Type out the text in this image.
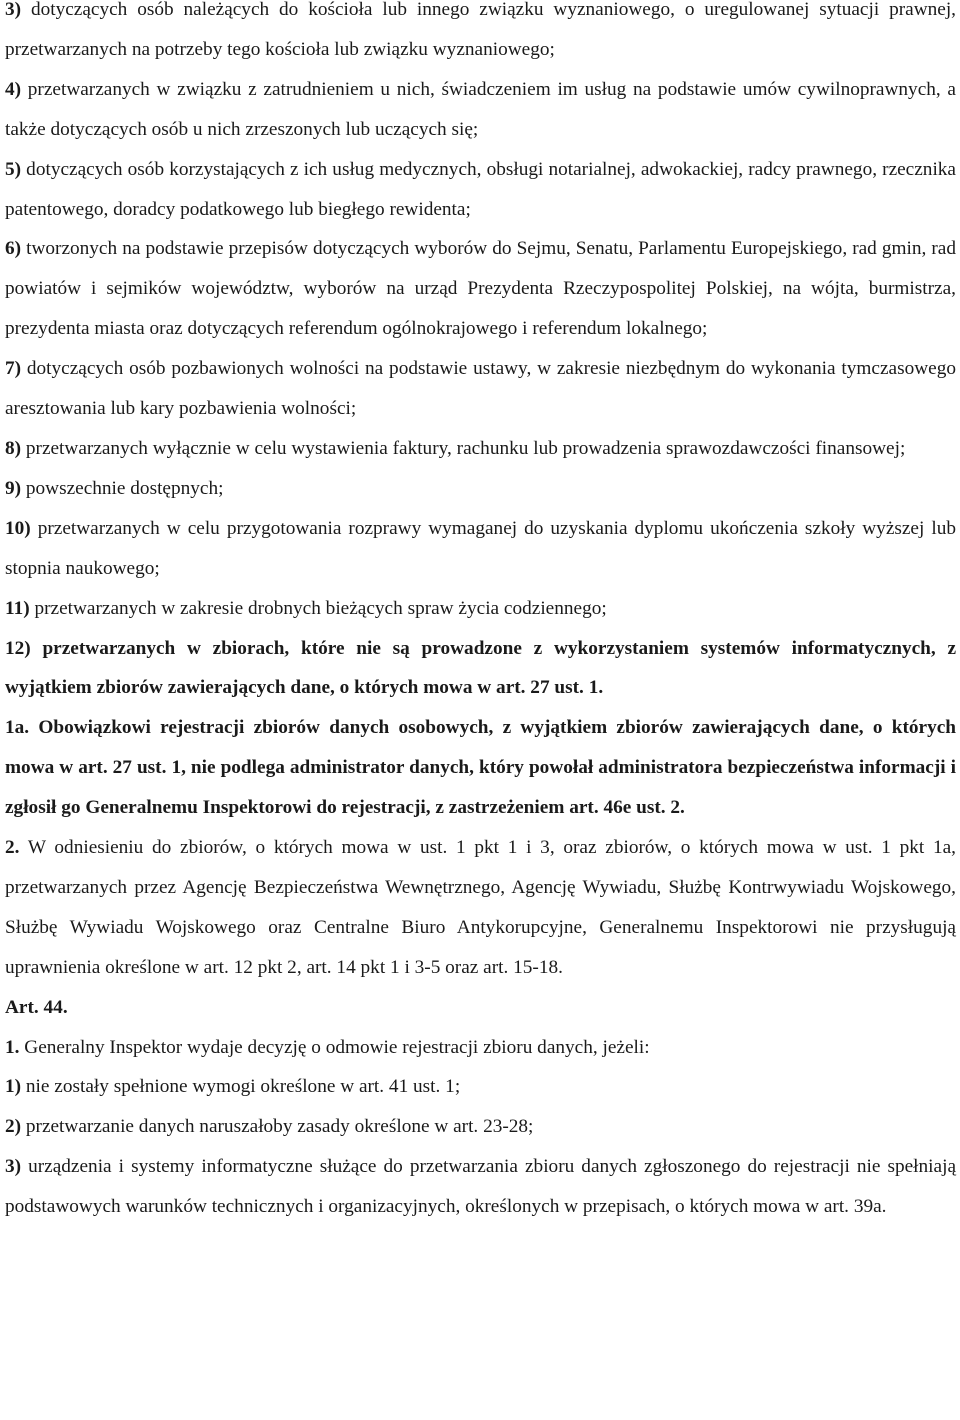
3) dotyczących osób należących do kościoła lub innego związku wyznaniowego, o uregulowanej sytuacji prawnej, przetwarzanych na potrzeby tego kościoła lub związku wyznaniowego;

4) przetwarzanych w związku z zatrudnieniem u nich, świadczeniem im usług na podstawie umów cywilnoprawnych, a także dotyczących osób u nich zrzeszonych lub uczących się;

5) dotyczących osób korzystających z ich usług medycznych, obsługi notarialnej, adwokackiej, radcy prawnego, rzecznika patentowego, doradcy podatkowego lub biegłego rewidenta;

6) tworzonych na podstawie przepisów dotyczących wyborów do Sejmu, Senatu, Parlamentu Europejskiego, rad gmin, rad powiatów i sejmików województw, wyborów na urząd Prezydenta Rzeczypospolitej Polskiej, na wójta, burmistrza, prezydenta miasta oraz dotyczących referendum ogólnokrajowego i referendum lokalnego;

7) dotyczących osób pozbawionych wolności na podstawie ustawy, w zakresie niezbędnym do wykonania tymczasowego aresztowania lub kary pozbawienia wolności;

8) przetwarzanych wyłącznie w celu wystawienia faktury, rachunku lub prowadzenia sprawozdawczości finansowej;

9) powszechnie dostępnych;

10) przetwarzanych w celu przygotowania rozprawy wymaganej do uzyskania dyplomu ukończenia szkoły wyższej lub stopnia naukowego;

11) przetwarzanych w zakresie drobnych bieżących spraw życia codziennego;

12) przetwarzanych w zbiorach, które nie są prowadzone z wykorzystaniem systemów informatycznych, z wyjątkiem zbiorów zawierających dane, o których mowa w art. 27 ust. 1.

1a. Obowiązkowi rejestracji zbiorów danych osobowych, z wyjątkiem zbiorów zawierających dane, o których mowa w art. 27 ust. 1, nie podlega administrator danych, który powołał administratora bezpieczeństwa informacji i zgłosił go Generalnemu Inspektorowi do rejestracji, z zastrzeżeniem art. 46e ust. 2.

2. W odniesieniu do zbiorów, o których mowa w ust. 1 pkt 1 i 3, oraz zbiorów, o których mowa w ust. 1 pkt 1a, przetwarzanych przez Agencję Bezpieczeństwa Wewnętrznego, Agencję Wywiadu, Służbę Kontrwywiadu Wojskowego, Służbę Wywiadu Wojskowego oraz Centralne Biuro Antykorupcyjne, Generalnemu Inspektorowi nie przysługują uprawnienia określone w art. 12 pkt 2, art. 14 pkt 1 i 3-5 oraz art. 15-18.

Art. 44.

1. Generalny Inspektor wydaje decyzję o odmowie rejestracji zbioru danych, jeżeli:

1) nie zostały spełnione wymogi określone w art. 41 ust. 1;

2) przetwarzanie danych naruszałoby zasady określone w art. 23-28;

3) urządzenia i systemy informatyczne służące do przetwarzania zbioru danych zgłoszonego do rejestracji nie spełniają podstawowych warunków technicznych i organizacyjnych, określonych w przepisach, o których mowa w art. 39a.
